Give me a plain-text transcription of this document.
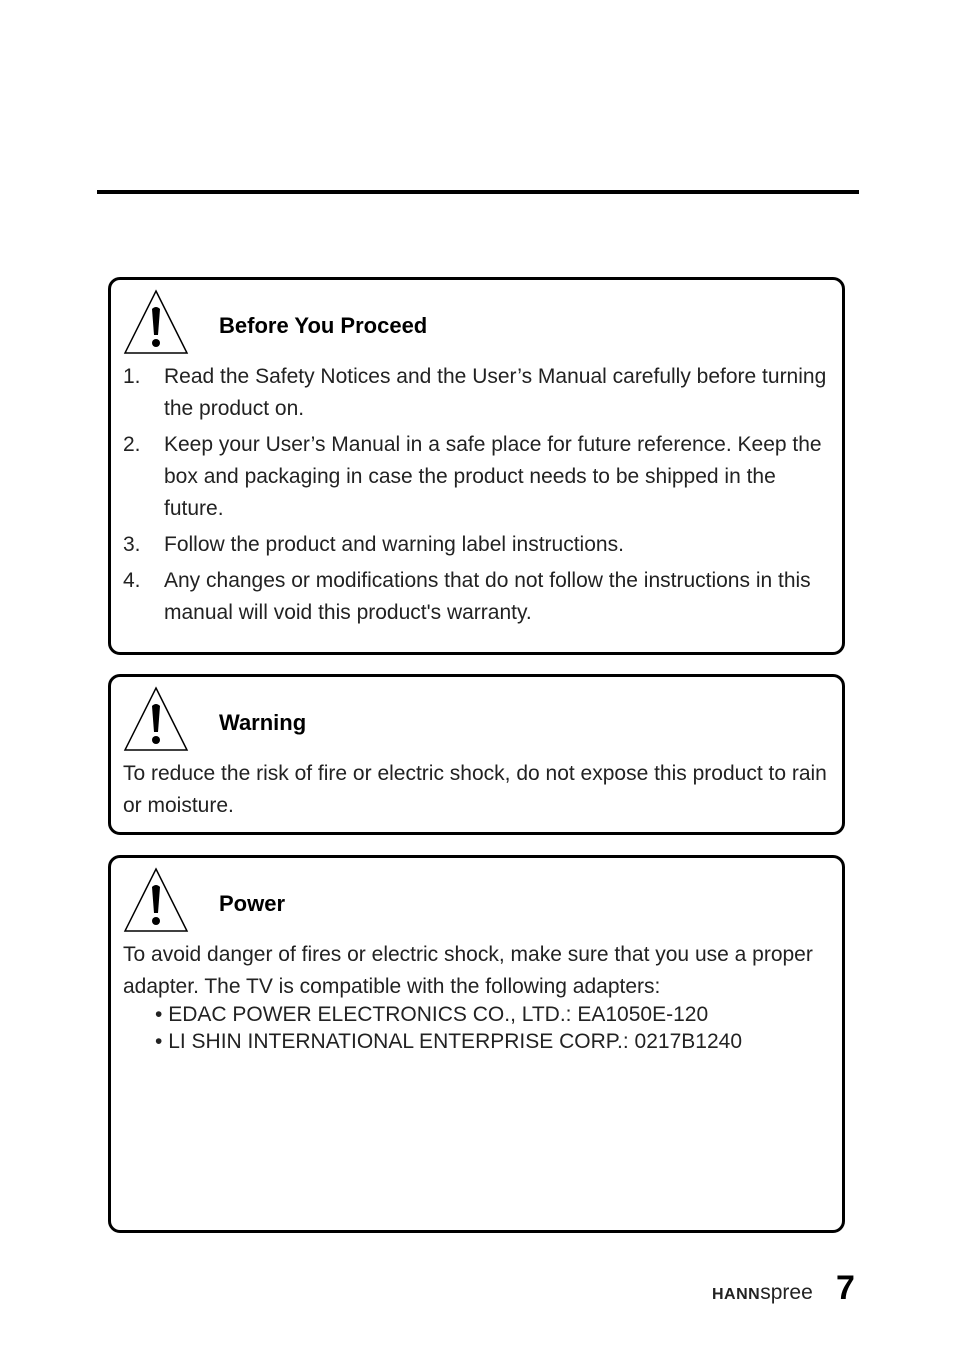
Before You Proceed
1. Read the Safety Notices and the User’s Manual carefully before turning the product on.
2. Keep your User’s Manual in a safe place for future reference. Keep the box and packaging in case the product needs to be shipped in the future.
3. Follow the product and warning label instructions.
4. Any changes or modifications that do not follow the instructions in this manual will void this product's warranty.
Warning
To reduce the risk of fire or electric shock, do not expose this product to rain or moisture.
Power
To avoid danger of fires or electric shock, make sure that you use a proper adapter. The TV is compatible with the following adapters:
• EDAC POWER ELECTRONICS CO., LTD.: EA1050E-120
• LI SHIN INTERNATIONAL ENTERPRISE CORP.: 0217B1240
HANNspree 7
